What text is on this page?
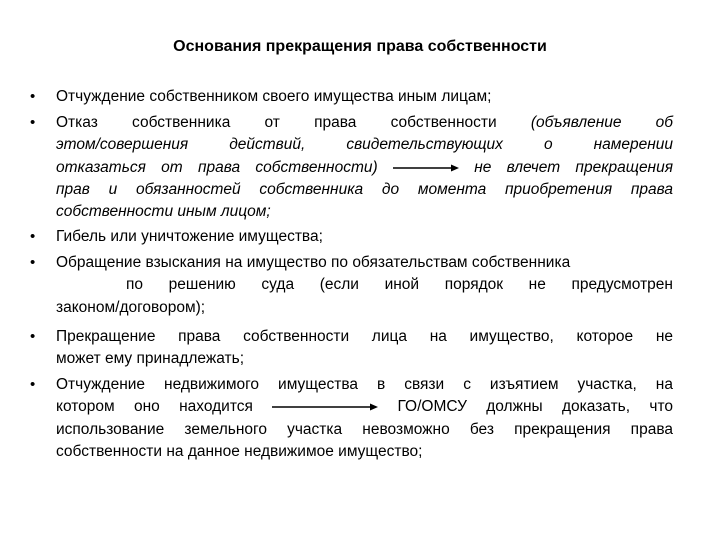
Основания прекращения права собственности
•
•
•
•
•
•
Отчуждение собственником своего имущества иным лицам;
Отказ собственника от права собственности (объявление об
этом/совершения действий, свидетельствующих о намерении
отказаться от права собственности)	не влечет прекращения
прав и обязанностей собственника до момента приобретения права
собственности иным лицом;
Гибель или уничтожение имущества;
Обращение взыскания на имущество по обязательствам собственника
по решению суда (если иной порядок не предусмотрен
законом/договором);
Прекращение права собственности лица на имущество, которое не
может ему принадлежать;
Отчуждение недвижимого имущества в связи с изъятием участка, на
котором оно находится	ГО/ОМСУ должны доказать, что
использование земельного участка невозможно без прекращения права
собственности на данное недвижимое имущество;
